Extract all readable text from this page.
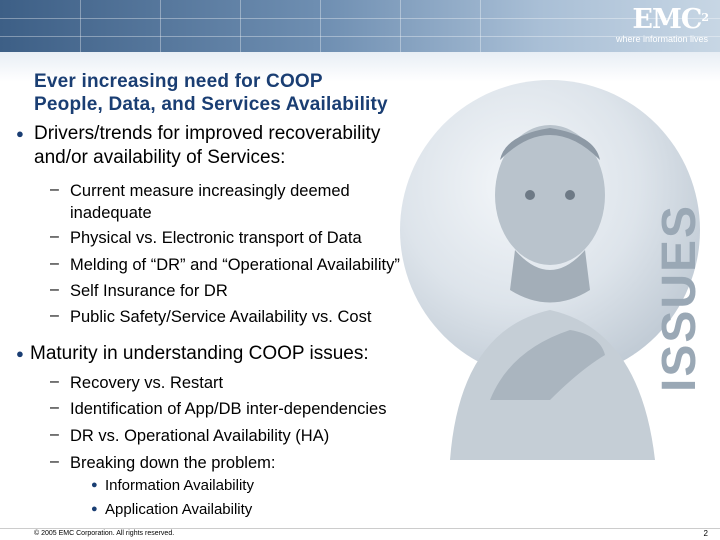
EMC$^2$
where information lives
ISSUES
Ever increasing need for COOP
People, Data, and Services Availability
● Drivers/trends for improved recoverability
and/or availability of Services:
– Current measure increasingly deemed
inadequate
– Physical vs. Electronic transport of Data
– Melding of “DR” and “Operational Availability”
– Self Insurance for DR
– Public Safety/Service Availability vs. Cost
● Maturity in understanding COOP issues:
– Recovery vs. Restart
– Identification of App/DB inter-dependencies
– DR vs. Operational Availability (HA)
– Breaking down the problem:
● Information Availability
● Application Availability
© 2005 EMC Corporation. All rights reserved.	2
